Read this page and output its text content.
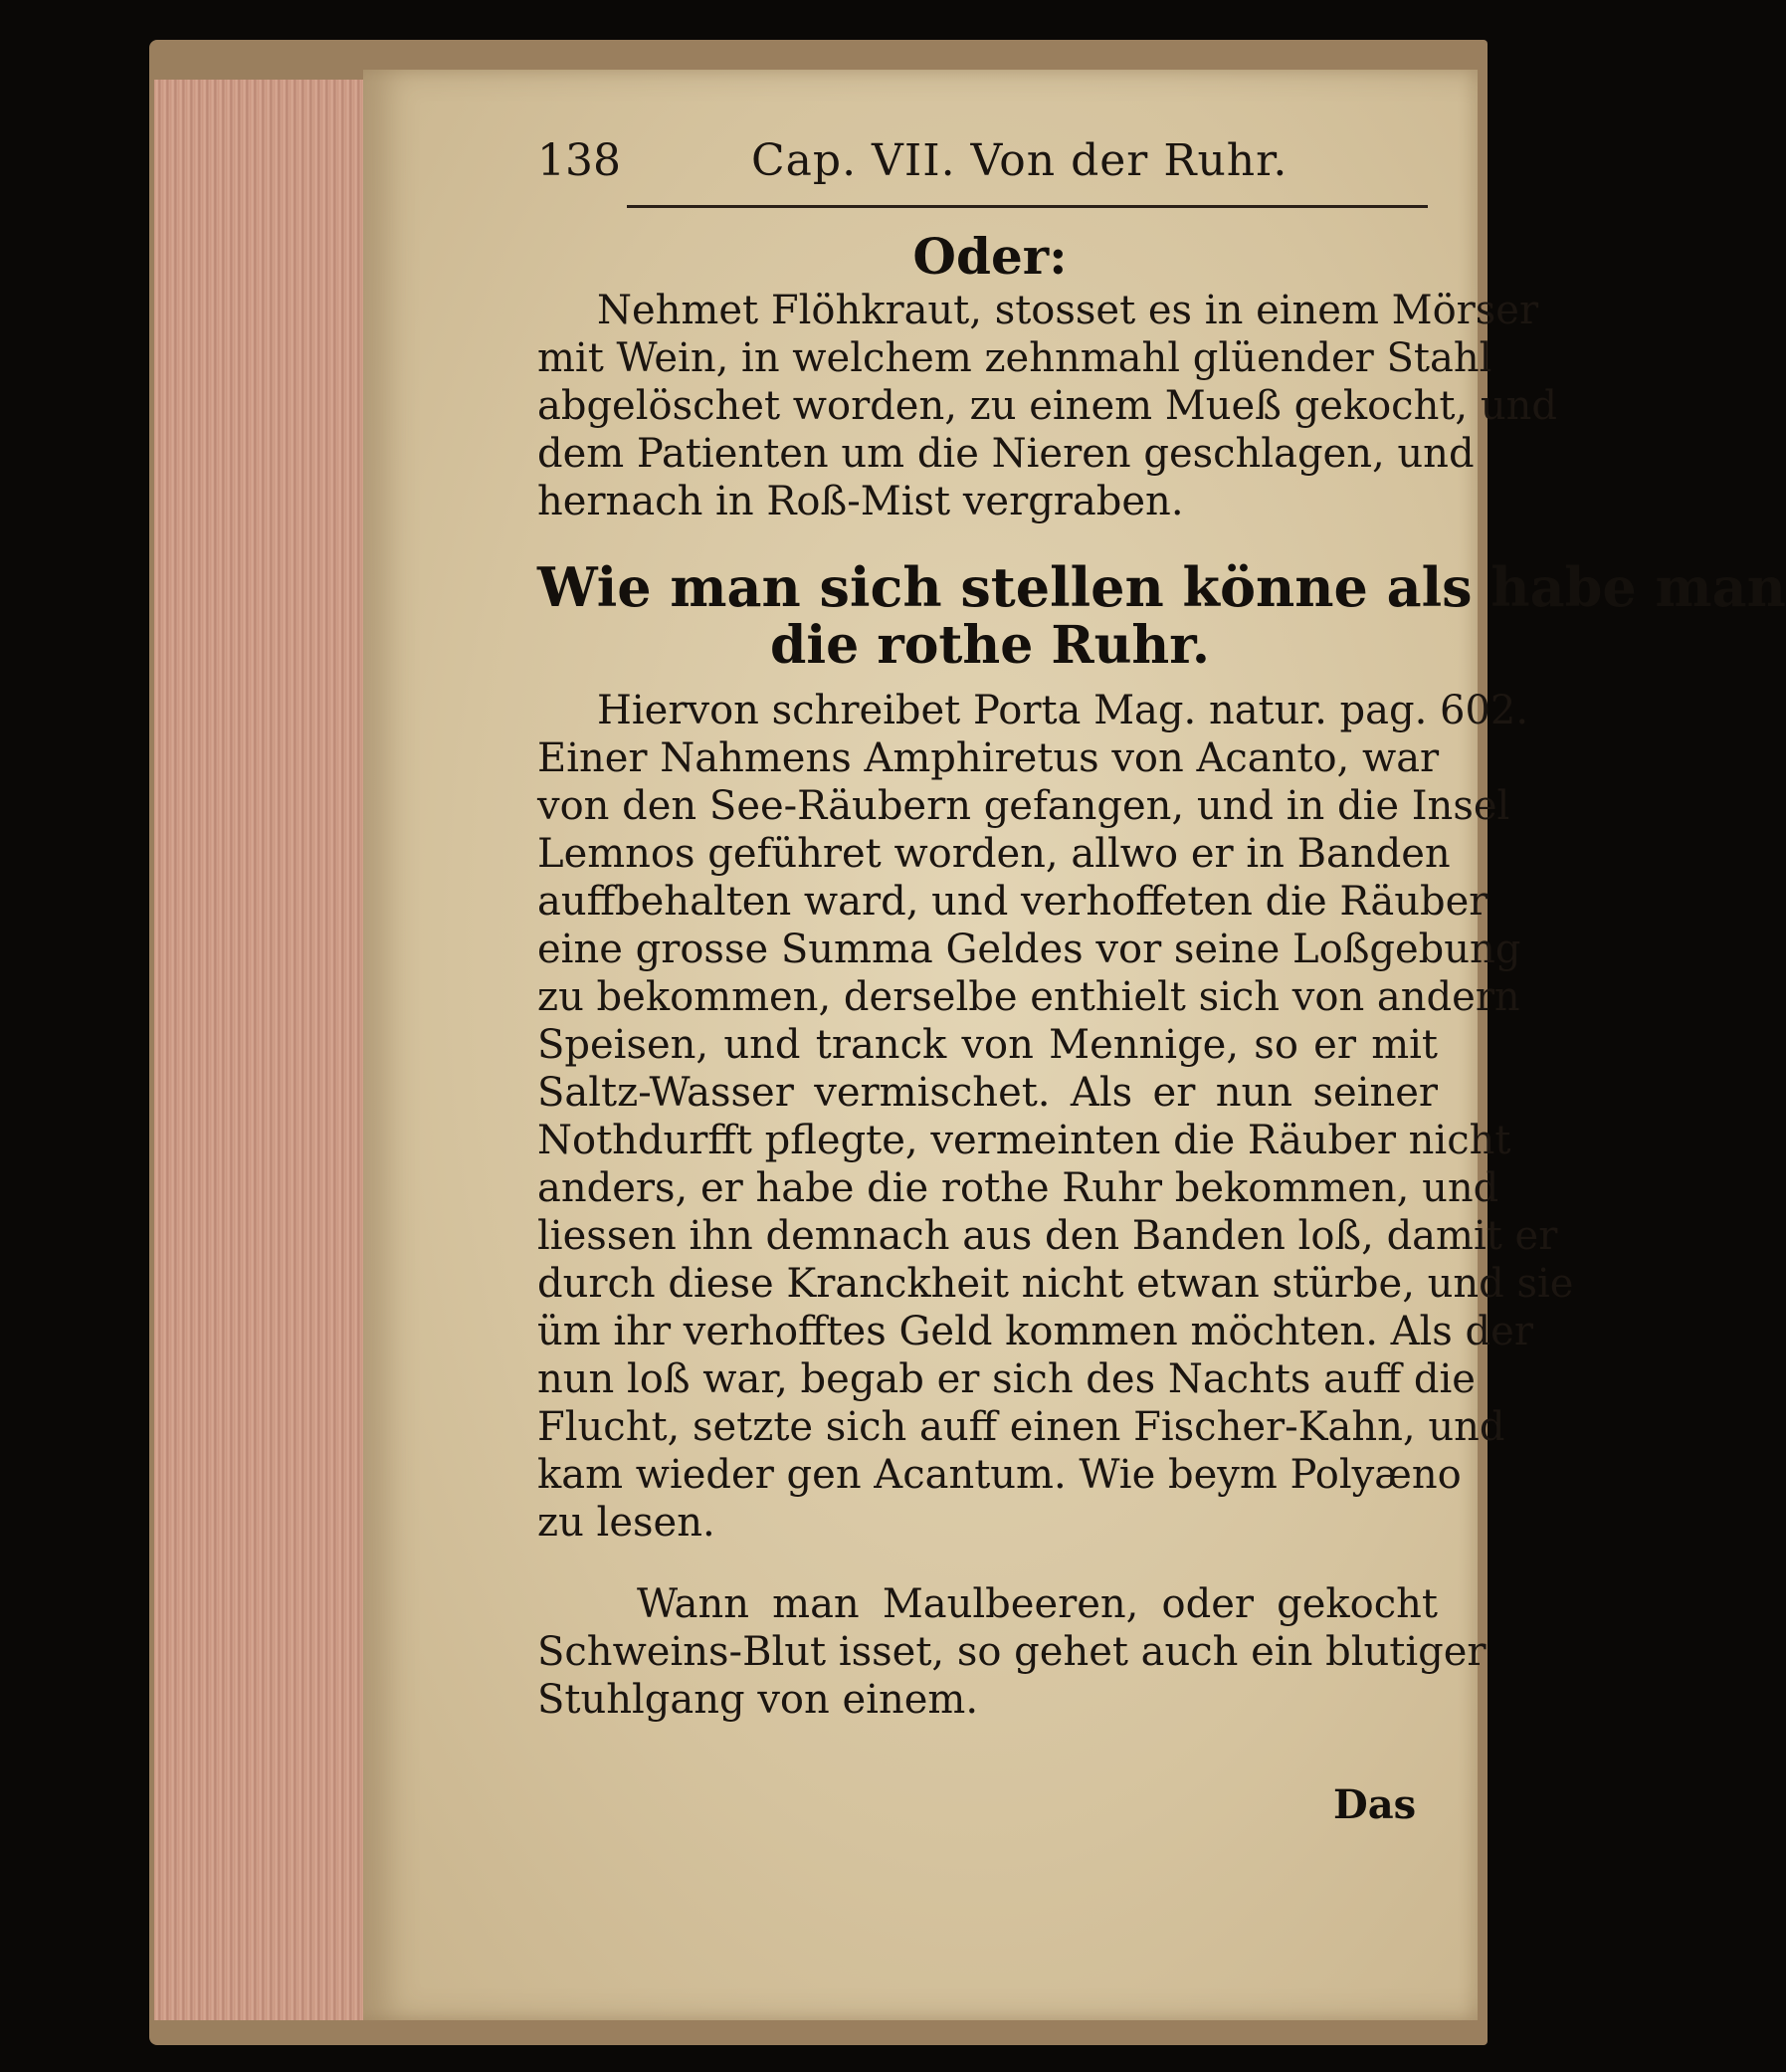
138	Cap. VII. Von der Ruhr.
Oder:
Nehmet Flöhkraut, stosset es in einem Mörser
mit Wein, in welchem zehnmahl glüender Stahl
abgelöschet worden, zu einem Mueß gekocht, und
dem Patienten um die Nieren geschlagen, und
hernach in Roß-Mist vergraben.
Wie man sich stellen könne als habe man
die rothe Ruhr.
Hiervon schreibet Porta Mag. natur. pag. 602.
Einer Nahmens Amphiretus von Acanto, war
von den See-Räubern gefangen, und in die Insel
Lemnos geführet worden, allwo er in Banden
auffbehalten ward, und verhoffeten die Räuber
eine grosse Summa Geldes vor seine Loßgebung
zu bekommen, derselbe enthielt sich von andern
Speisen, und tranck von Mennige, so er mit
Saltz-Wasser vermischet. Als er nun seiner
Nothdurfft pflegte, vermeinten die Räuber nicht
anders, er habe die rothe Ruhr bekommen, und
liessen ihn demnach aus den Banden loß, damit er
durch diese Kranckheit nicht etwan stürbe, und sie
üm ihr verhofftes Geld kommen möchten. Als der
nun loß war, begab er sich des Nachts auff die
Flucht, setzte sich auff einen Fischer-Kahn, und
kam wieder gen Acantum. Wie beym Polyæno
zu lesen.
Wann man Maulbeeren, oder gekocht
Schweins-Blut isset, so gehet auch ein blutiger
Stuhlgang von einem.
Das
